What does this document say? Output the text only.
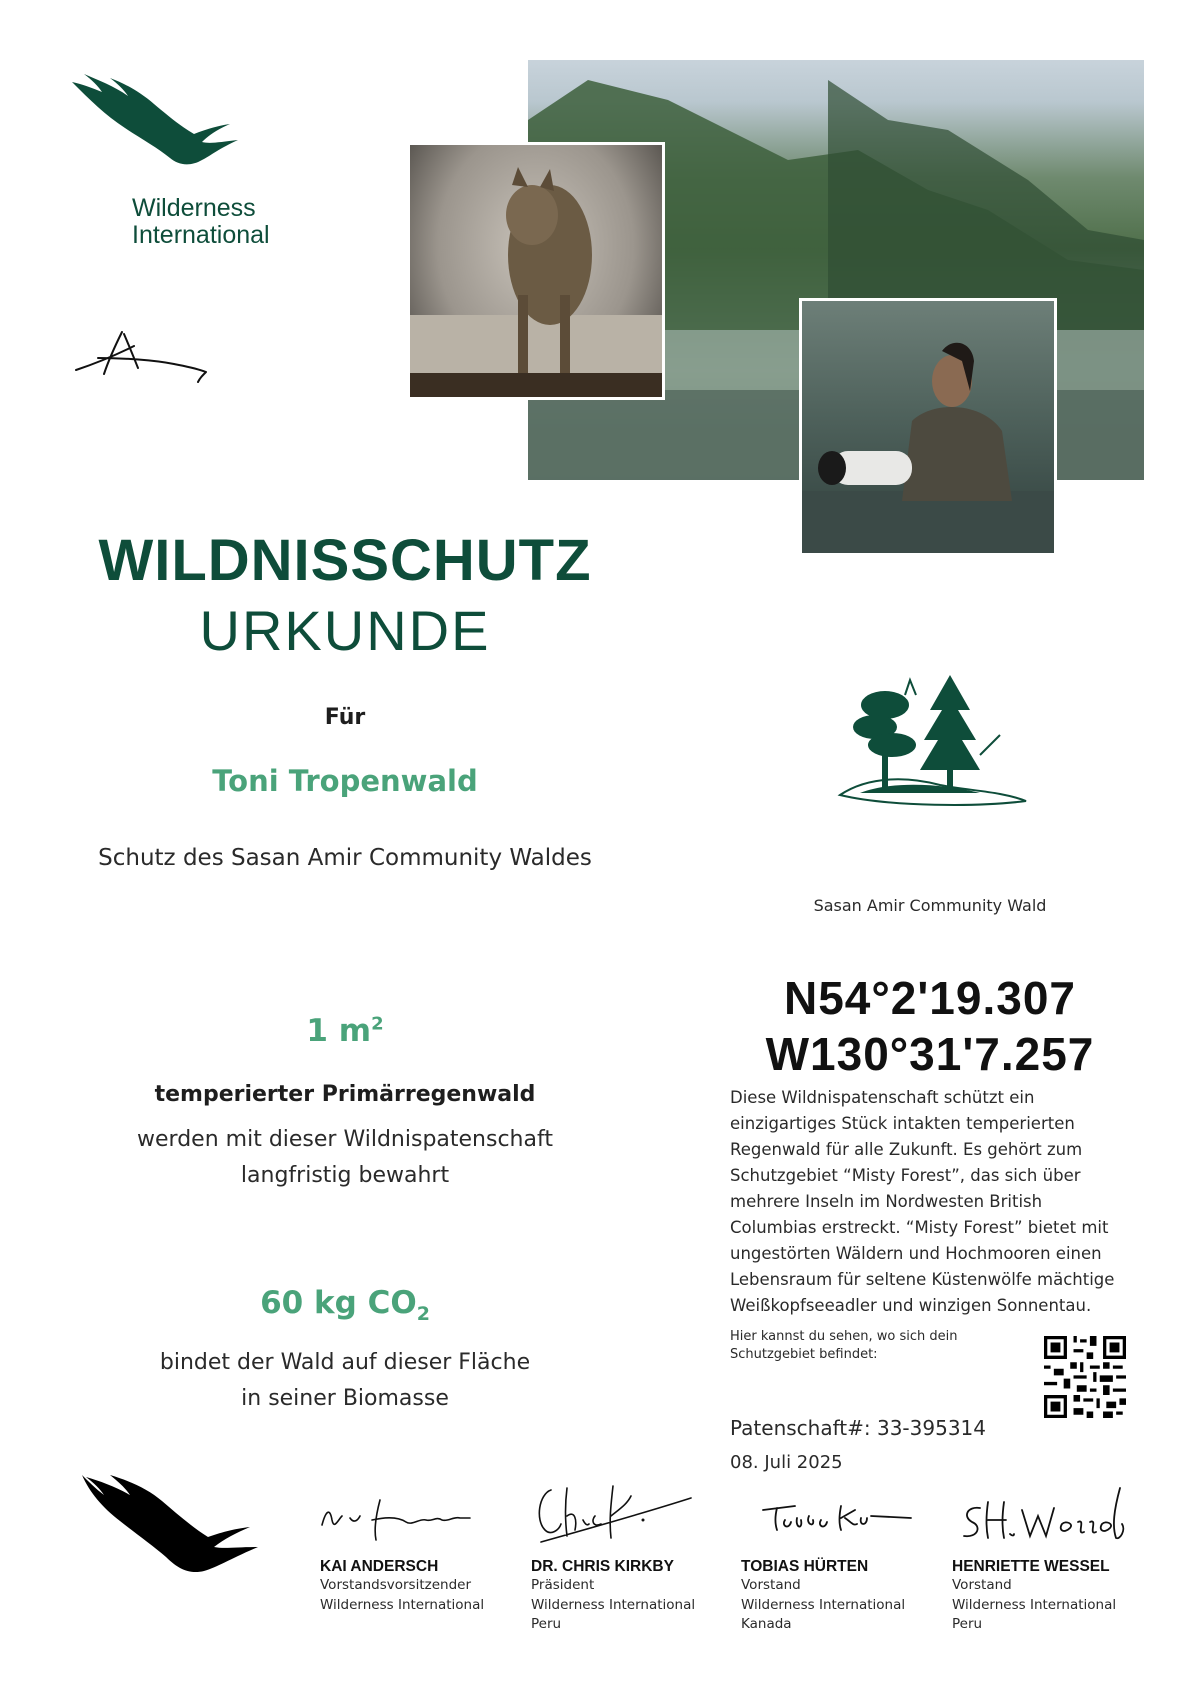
Wilderness
International
WILDNISSCHUTZ
URKUNDE
Für
Toni Tropenwald
Schutz des Sasan Amir Community Waldes
1 $m^2$
temperierter Primärregenwald
werden mit dieser Wildnispatenschaft
langfristig bewahrt
60 kg $CO_2$
bindet der Wald auf dieser Fläche
in seiner Biomasse
Sasan Amir Community Wald
N54°2'19.307
W130°31'7.257
Diese Wildnispatenschaft schützt ein einzigartiges Stück intakten temperierten Regenwald für alle Zukunft. Es gehört zum Schutzgebiet “Misty Forest”, das sich über mehrere Inseln im Nordwesten British Columbias erstreckt. “Misty Forest” bietet mit ungestörten Wäldern und Hochmooren einen Lebensraum für seltene Küstenwölfe mächtige Weißkopfseeadler und winzigen Sonnentau.
Hier kannst du sehen, wo sich dein Schutzgebiet befindet:
Patenschaft#: 33-395314
08. Juli 2025
KAI ANDERSCH
Vorstandsvorsitzender
Wilderness International
DR. CHRIS KIRKBY
Präsident
Wilderness International
Peru
TOBIAS HÜRTEN
Vorstand
Wilderness International
Kanada
HENRIETTE WESSEL
Vorstand
Wilderness International
Peru
